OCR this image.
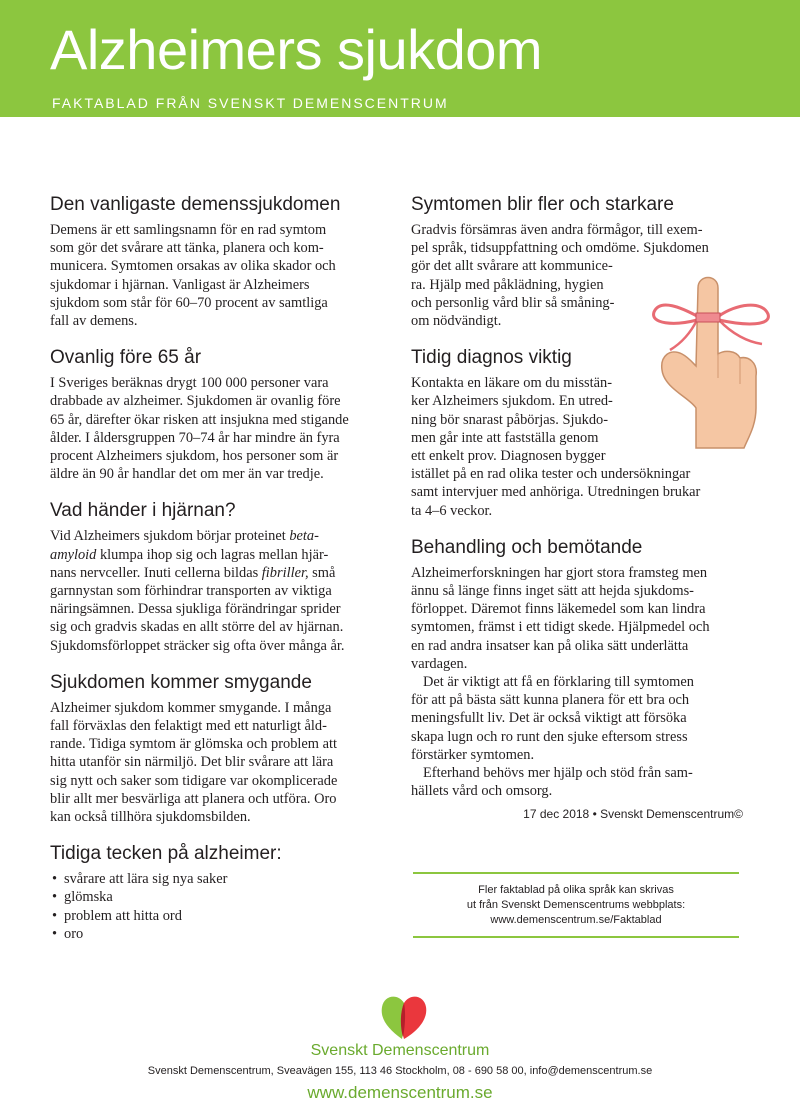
Alzheimers sjukdom
FAKTABLAD FRÅN SVENSKT DEMENSCENTRUM
Den vanligaste demenssjukdomen

Demens är ett samlingsnamn för en rad symtom
som gör det svårare att tänka, planera och kom-
municera. Symtomen orsakas av olika skador och
sjukdomar i hjärnan. Vanligast är Alzheimers
sjukdom som står för 60–70 procent av samtliga
fall av demens.

Ovanlig före 65 år

I Sveriges beräknas drygt 100 000 personer vara
drabbade av alzheimer. Sjukdomen är ovanlig före
65 år, därefter ökar risken att insjukna med stigande
ålder. I åldersgruppen 70–74 år har mindre än fyra
procent Alzheimers sjukdom, hos personer som är
äldre än 90 år handlar det om mer än var tredje.

Vad händer i hjärnan?

Vid Alzheimers sjukdom börjar proteinet beta-
amyloid klumpa ihop sig och lagras mellan hjär-
nans nervceller. Inuti cellerna bildas fibriller, små
garnnystan som förhindrar transporten av viktiga
näringsämnen. Dessa sjukliga förändringar sprider
sig och gradvis skadas en allt större del av hjärnan.
Sjukdomsförloppet sträcker sig ofta över många år.

Sjukdomen kommer smygande

Alzheimer sjukdom kommer smygande. I många
fall förväxlas den felaktigt med ett naturligt åld-
rande. Tidiga symtom är glömska och problem att
hitta utanför sin närmiljö. Det blir svårare att lära
sig nytt och saker som tidigare var okomplicerade
blir allt mer besvärliga att planera och utföra. Oro
kan också tillhöra sjukdomsbilden.

Tidiga tecken på alzheimer:
• svårare att lära sig nya saker
• glömska
• problem att hitta ord
• oro
Symtomen blir fler och starkare

Gradvis försämras även andra förmågor, till exem-
pel språk, tidsuppfattning och omdöme. Sjukdomen
gör det allt svårare att kommunice-
ra. Hjälp med påklädning, hygien
och personlig vård blir så småning-
om nödvändigt.

Tidig diagnos viktig

Kontakta en läkare om du misstän-
ker Alzheimers sjukdom. En utred-
ning bör snarast påbörjas. Sjukdo-
men går inte att fastställa genom
ett enkelt prov. Diagnosen bygger
istället på en rad olika tester och undersökningar
samt intervjuer med anhöriga. Utredningen brukar
ta 4–6 veckor.

Behandling och bemötande

Alzheimerforskningen har gjort stora framsteg men
ännu så länge finns inget sätt att hejda sjukdoms-
förloppet. Däremot finns läkemedel som kan lindra
symtomen, främst i ett tidigt skede. Hjälpmedel och
en rad andra insatser kan på olika sätt underlätta
vardagen.

Det är viktigt att få en förklaring till symtomen
för att på bästa sätt kunna planera för ett bra och
meningsfullt liv. Det är också viktigt att försöka
skapa lugn och ro runt den sjuke eftersom stress
förstärker symtomen.

Efterhand behövs mer hjälp och stöd från sam-
hällets vård och omsorg.

17 dec 2018 • Svenskt Demenscentrum©
Fler faktablad på olika språk kan skrivas
ut från Svenskt Demenscentrums webbplats:
www.demenscentrum.se/Faktablad
Svenskt Demenscentrum
Svenskt Demenscentrum, Sveavägen 155, 113 46 Stockholm, 08 - 690 58 00, info@demenscentrum.se
www.demenscentrum.se
